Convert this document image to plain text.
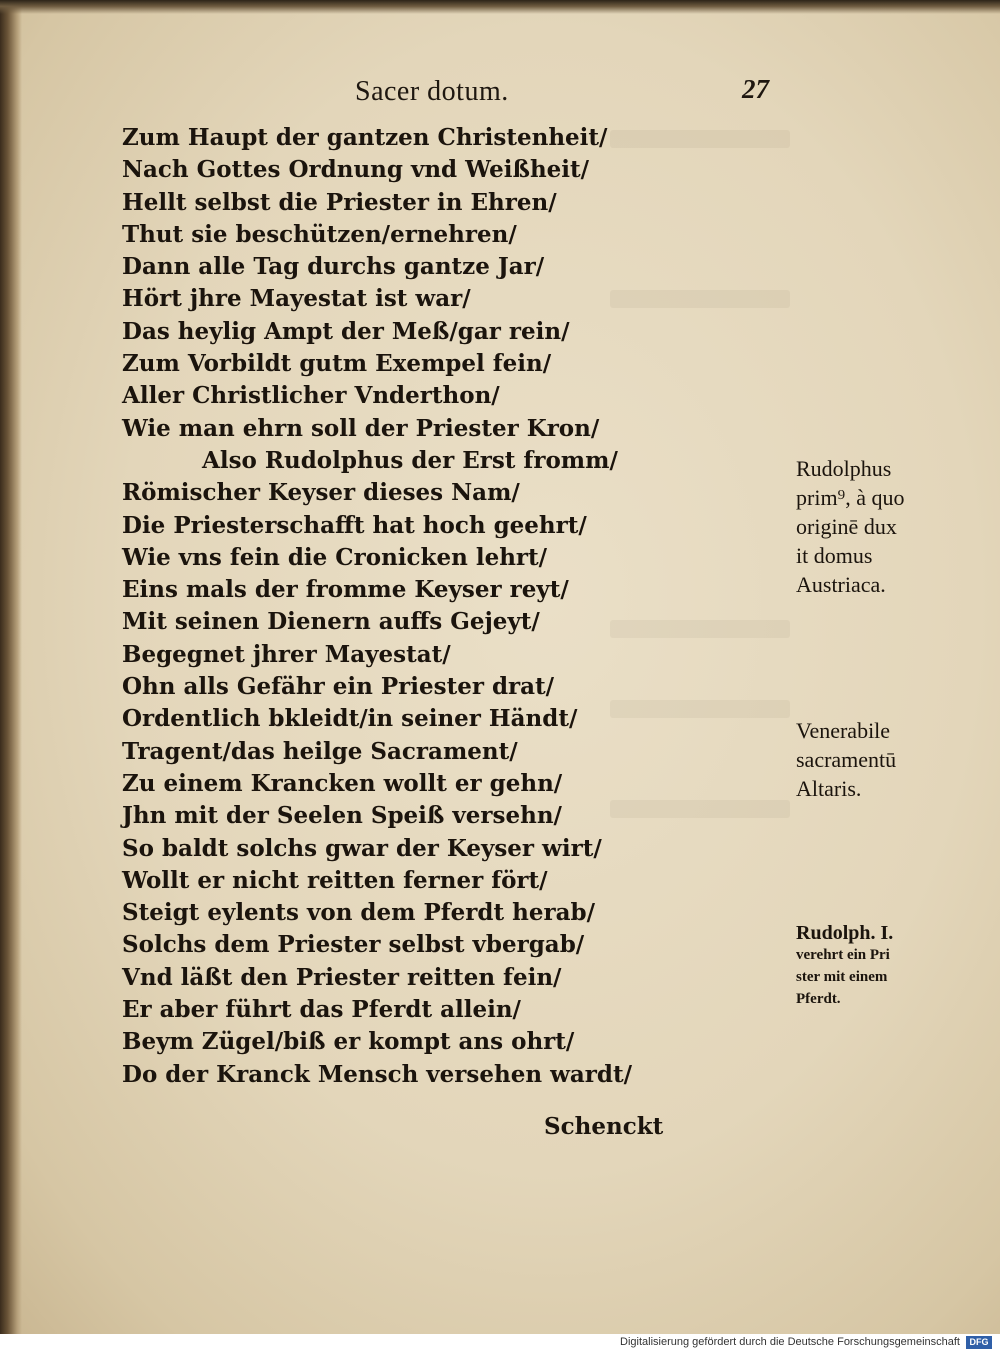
Sacer dotum.	27
Zum Haupt der gantzen Christenheit/
Nach Gottes Ordnung vnd Weißheit/
Hellt selbst die Priester in Ehren/
Thut sie beschützen/ernehren/
Dann alle Tag durchs gantze Jar/
Hört jhre Mayestat ist war/
Das heylig Ampt der Meß/gar rein/
Zum Vorbildt gutm Exempel fein/
Aller Christlicher Vnderthon/
Wie man ehrn soll der Priester Kron/
Also Rudolphus der Erst fromm/
Römischer Keyser dieses Nam/
Die Priesterschafft hat hoch geehrt/
Wie vns fein die Cronicken lehrt/
Eins mals der fromme Keyser reyt/
Mit seinen Dienern auffs Gejeyt/
Begegnet jhrer Mayestat/
Ohn alls Gefähr ein Priester drat/
Ordentlich bkleidt/in seiner Händt/
Tragent/das heilge Sacrament/
Zu einem Krancken wollt er gehn/
Jhn mit der Seelen Speiß versehn/
So baldt solchs gwar der Keyser wirt/
Wollt er nicht reitten ferner fört/
Steigt eylents von dem Pferdt herab/
Solchs dem Priester selbst vbergab/
Vnd läßt den Priester reitten fein/
Er aber führt das Pferdt allein/
Beym Zügel/biß er kompt ans ohrt/
Do der Kranck Mensch versehen wardt/
Schenckt
Rudolphus
prim⁹, à quo
originē dux
it domus
Austriaca.
Venerabile
sacramentū
Altaris.
Rudolph. I.
verehrt ein Pri
ster mit einem
Pferdt.
Digitalisierung gefördert durch die Deutsche Forschungsgemeinschaft	DFG
